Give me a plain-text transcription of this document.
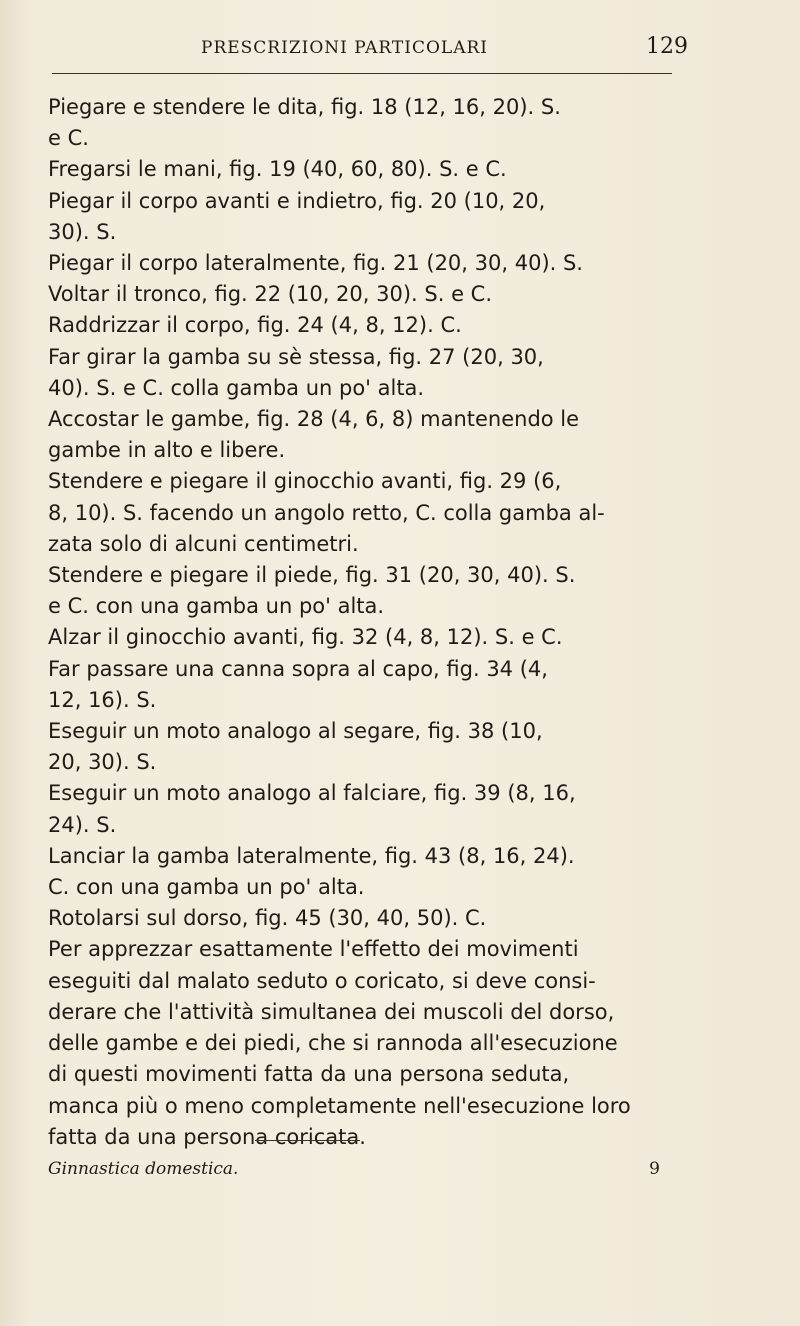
PRESCRIZIONI PARTICOLARI	129

Piegare e stendere le dita, fig. 18 (12, 16, 20). S.

e C.

Fregarsi le mani, fig. 19 (40, 60, 80). S. e C.

Piegar il corpo avanti e indietro, fig. 20 (10, 20,

30). S.

Piegar il corpo lateralmente, fig. 21 (20, 30, 40). S.

Voltar il tronco, fig. 22 (10, 20, 30). S. e C.

Raddrizzar il corpo, fig. 24 (4, 8, 12). C.

Far girar la gamba su sè stessa, fig. 27 (20, 30,

40). S. e C. colla gamba un po' alta.

Accostar le gambe, fig. 28 (4, 6, 8) mantenendo le

gambe in alto e libere.

Stendere e piegare il ginocchio avanti, fig. 29 (6,

8, 10). S. facendo un angolo retto, C. colla gamba al-

zata solo di alcuni centimetri.

Stendere e piegare il piede, fig. 31 (20, 30, 40). S.

e C. con una gamba un po' alta.

Alzar il ginocchio avanti, fig. 32 (4, 8, 12). S. e C.

Far passare una canna sopra al capo, fig. 34 (4,

12, 16). S.

Eseguir un moto analogo al segare, fig. 38 (10,

20, 30). S.

Eseguir un moto analogo al falciare, fig. 39 (8, 16,

24). S.

Lanciar la gamba lateralmente, fig. 43 (8, 16, 24).

C. con una gamba un po' alta.

Rotolarsi sul dorso, fig. 45 (30, 40, 50). C.

Per apprezzar esattamente l'effetto dei movimenti

eseguiti dal malato seduto o coricato, si deve consi-

derare che l'attività simultanea dei muscoli del dorso,

delle gambe e dei piedi, che si rannoda all'esecuzione

di questi movimenti fatta da una persona seduta,

manca più o meno completamente nell'esecuzione loro

fatta da una persona coricata.

Ginnastica domestica.	9
